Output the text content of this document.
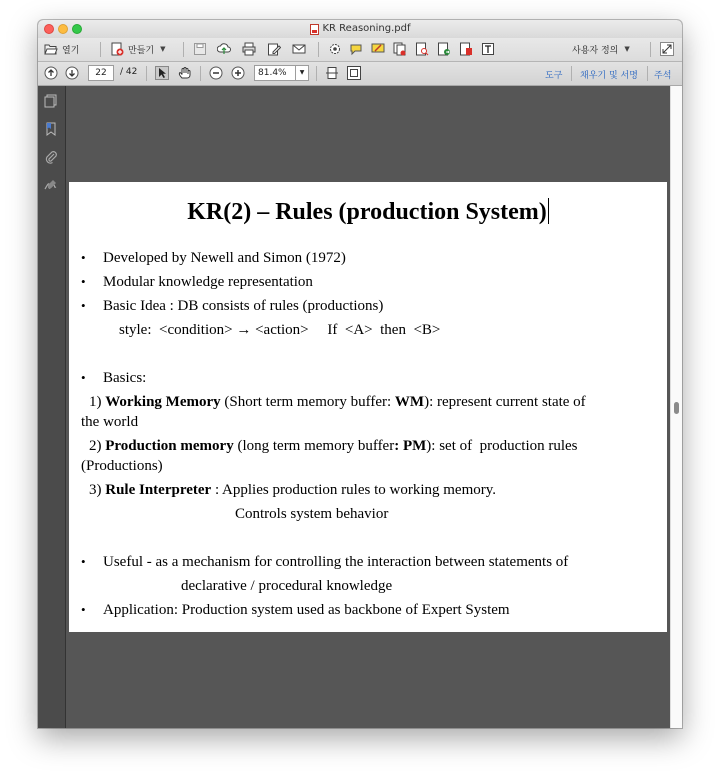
KR Reasoning.pdf
열기	만들기 ▼	사용자 정의 ▼
22	/ 42	81.4%	▼	도구 채우기 및 서명 주석
KR(2) – Rules (production System)
• Developed by Newell and Simon (1972)
• Modular knowledge representation
• Basic Idea : DB consists of rules (productions)
style:  <condition> → <action>     If  <A>  then  <B>
• Basics:
1) Working Memory (Short term memory buffer: WM): represent current state of
the world
2) Production memory (long term memory buffer: PM): set of  production rules
(Productions)
3) Rule Interpreter : Applies production rules to working memory.
Controls system behavior
• Useful - as a mechanism for controlling the interaction between statements of
declarative / procedural knowledge
• Application: Production system used as backbone of Expert System
